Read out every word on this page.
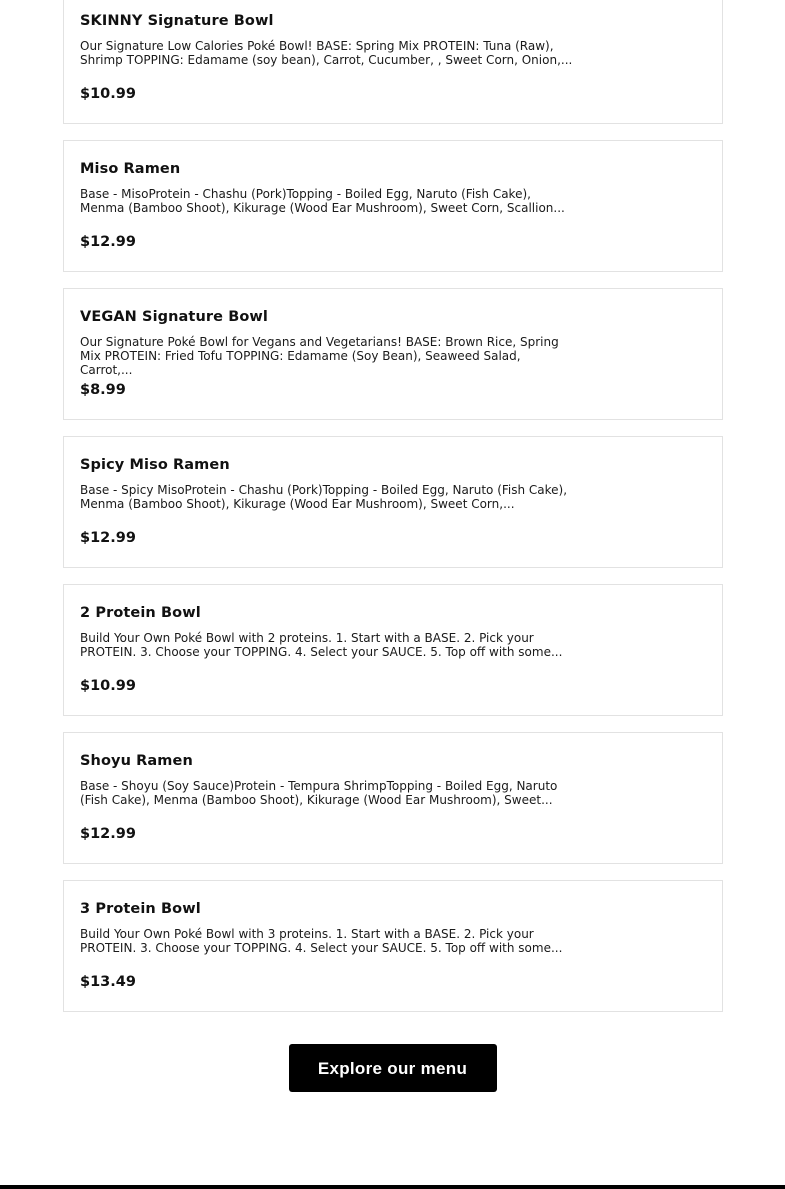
SKINNY Signature Bowl
Our Signature Low Calories Poké Bowl! BASE: Spring Mix PROTEIN: Tuna (Raw), Shrimp TOPPING: Edamame (soy bean), Carrot, Cucumber, , Sweet Corn, Onion,...
$10.99
Miso Ramen
Base - MisoProtein - Chashu (Pork)Topping - Boiled Egg, Naruto (Fish Cake), Menma (Bamboo Shoot), Kikurage (Wood Ear Mushroom), Sweet Corn, Scallion...
$12.99
VEGAN Signature Bowl
Our Signature Poké Bowl for Vegans and Vegetarians! BASE: Brown Rice, Spring Mix PROTEIN: Fried Tofu TOPPING: Edamame (Soy Bean), Seaweed Salad, Carrot,...
$8.99
Spicy Miso Ramen
Base - Spicy MisoProtein - Chashu (Pork)Topping - Boiled Egg, Naruto (Fish Cake), Menma (Bamboo Shoot), Kikurage (Wood Ear Mushroom), Sweet Corn,...
$12.99
2 Protein Bowl
Build Your Own Poké Bowl with 2 proteins. 1. Start with a BASE. 2. Pick your PROTEIN. 3. Choose your TOPPING. 4. Select your SAUCE. 5. Top off with some...
$10.99
Shoyu Ramen
Base - Shoyu (Soy Sauce)Protein - Tempura ShrimpTopping - Boiled Egg, Naruto (Fish Cake), Menma (Bamboo Shoot), Kikurage (Wood Ear Mushroom), Sweet...
$12.99
3 Protein Bowl
Build Your Own Poké Bowl with 3 proteins. 1. Start with a BASE. 2. Pick your PROTEIN. 3. Choose your TOPPING. 4. Select your SAUCE. 5. Top off with some...
$13.49
Explore our menu
